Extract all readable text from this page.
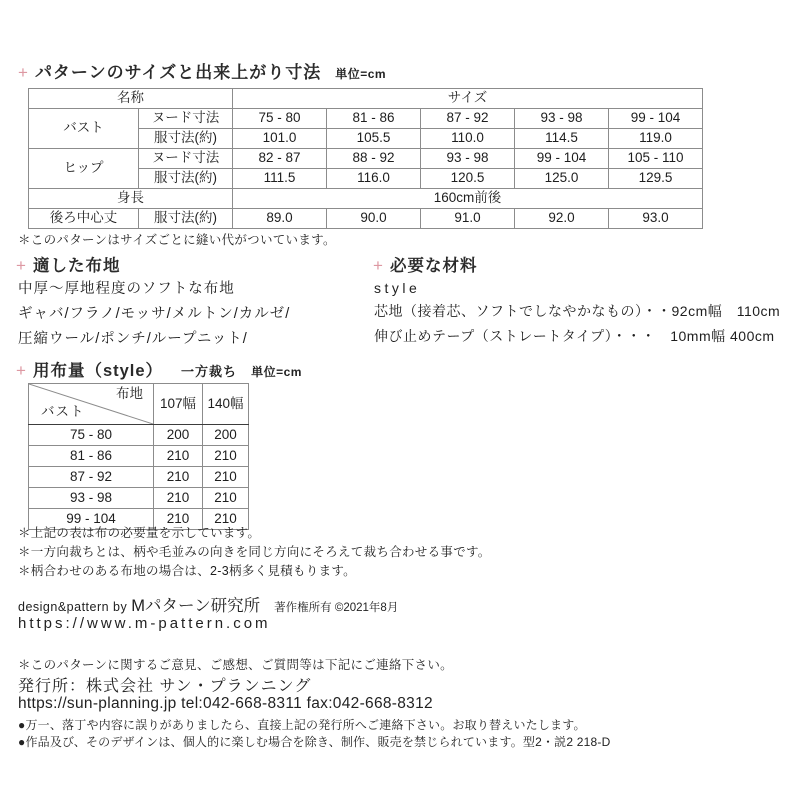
+ パターンのサイズと出来上がり寸法 単位=cm
名称		サイズ				
バスト	ヌード寸法	75 - 80	81 - 86	87 - 92	93 - 98	99 - 104
	服寸法(約)	101.0	105.5	110.0	114.5	119.0
ヒップ	ヌード寸法	82 - 87	88 - 92	93 - 98	99 - 104	105 - 110
	服寸法(約)	111.5	116.0	120.5	125.0	129.5
身長		160cm前後				
後ろ中心丈	服寸法(約)	89.0	90.0	91.0	92.0	93.0
＊このパターンはサイズごとに縫い代がついています。
+ 適した布地
中厚〜厚地程度のソフトな布地
ギャバ/フラノ/モッサ/メルトン/カルゼ/
圧縮ウール/ポンチ/ループニット/
+ 必要な材料
style
芯地（接着芯、ソフトでしなやかなもの）・・92cm幅　110cm
伸び止めテープ（ストレートタイプ）・・・　10mm幅 400cm
+ 用布量（style） 一方裁ち 単位=cm
布地
バスト	107幅	140幅
75 - 80	200	200
81 - 86	210	210
87 - 92	210	210
93 - 98	210	210
99 - 104	210	210
＊上記の表は布の必要量を示しています。
＊一方向裁ちとは、柄や毛並みの向きを同じ方向にそろえて裁ち合わせる事です。
＊柄合わせのある布地の場合は、2-3柄多く見積もります。
design&pattern by Mパターン研究所 著作権所有 ©2021年8月
https://www.m-pattern.com
＊このパターンに関するご意見、ご感想、ご質問等は下記にご連絡下さい。
発行所：株式会社 サン・プランニング
https://sun-planning.jp tel:042-668-8311 fax:042-668-8312
●万一、落丁や内容に誤りがありましたら、直接上記の発行所へご連絡下さい。お取り替えいたします。
●作品及び、そのデザインは、個人的に楽しむ場合を除き、制作、販売を禁じられています。型2・説2 218-D
